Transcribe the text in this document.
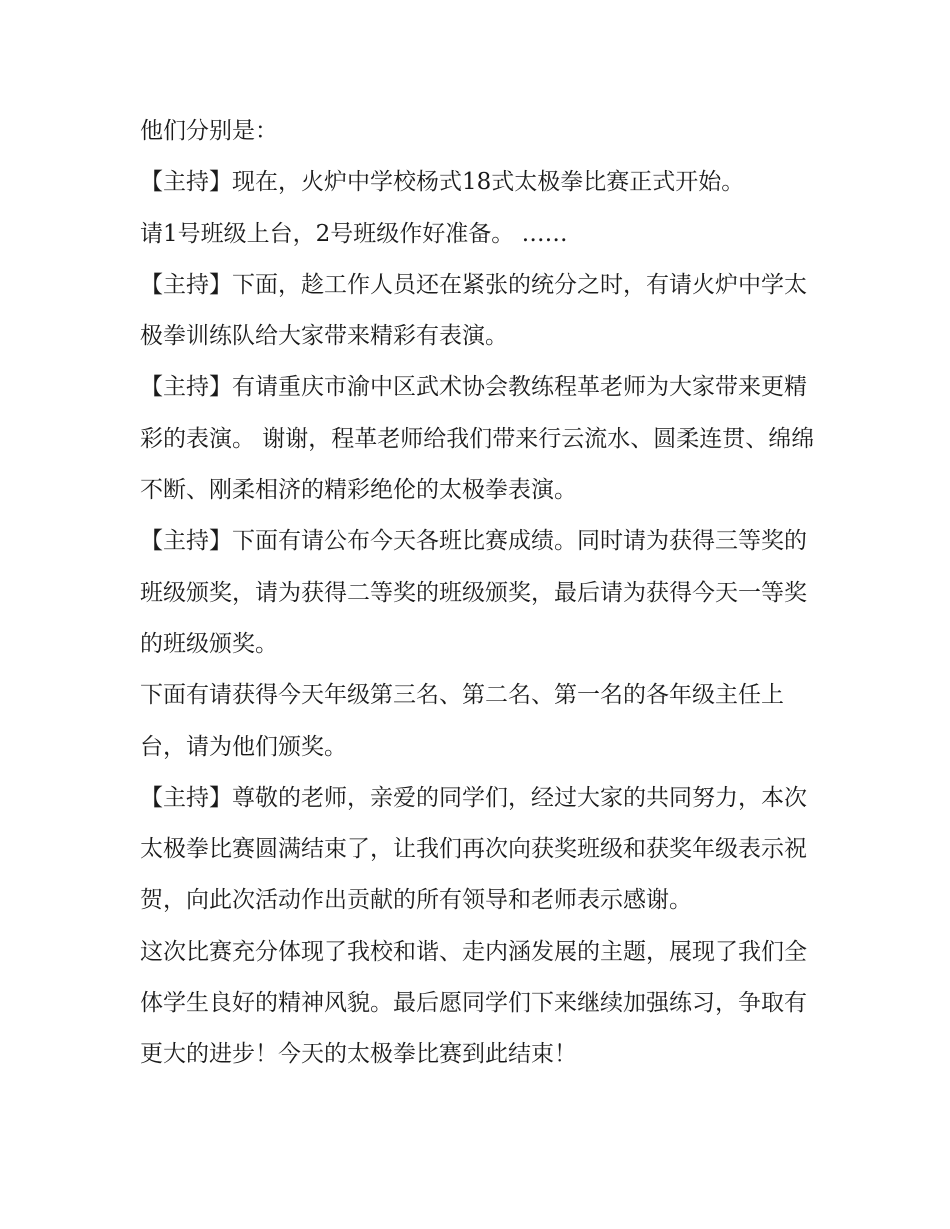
他们分别是：

【主持】现在，火炉中学校杨式18式太极拳比赛正式开始。

请1号班级上台，2号班级作好准备。 ……

【主持】下面，趁工作人员还在紧张的统分之时，有请火炉中学太极拳训练队给大家带来精彩有表演。

【主持】有请重庆市渝中区武术协会教练程革老师为大家带来更精彩的表演。 谢谢，程革老师给我们带来行云流水、圆柔连贯、绵绵不断、刚柔相济的精彩绝伦的太极拳表演。

【主持】下面有请公布今天各班比赛成绩。同时请为获得三等奖的班级颁奖，请为获得二等奖的班级颁奖，最后请为获得今天一等奖的班级颁奖。

下面有请获得今天年级第三名、第二名、第一名的各年级主任上台，请为他们颁奖。

【主持】尊敬的老师，亲爱的同学们，经过大家的共同努力，本次太极拳比赛圆满结束了，让我们再次向获奖班级和获奖年级表示祝贺，向此次活动作出贡献的所有领导和老师表示感谢。

这次比赛充分体现了我校和谐、走内涵发展的主题，展现了我们全体学生良好的精神风貌。最后愿同学们下来继续加强练习，争取有更大的进步！今天的太极拳比赛到此结束！
